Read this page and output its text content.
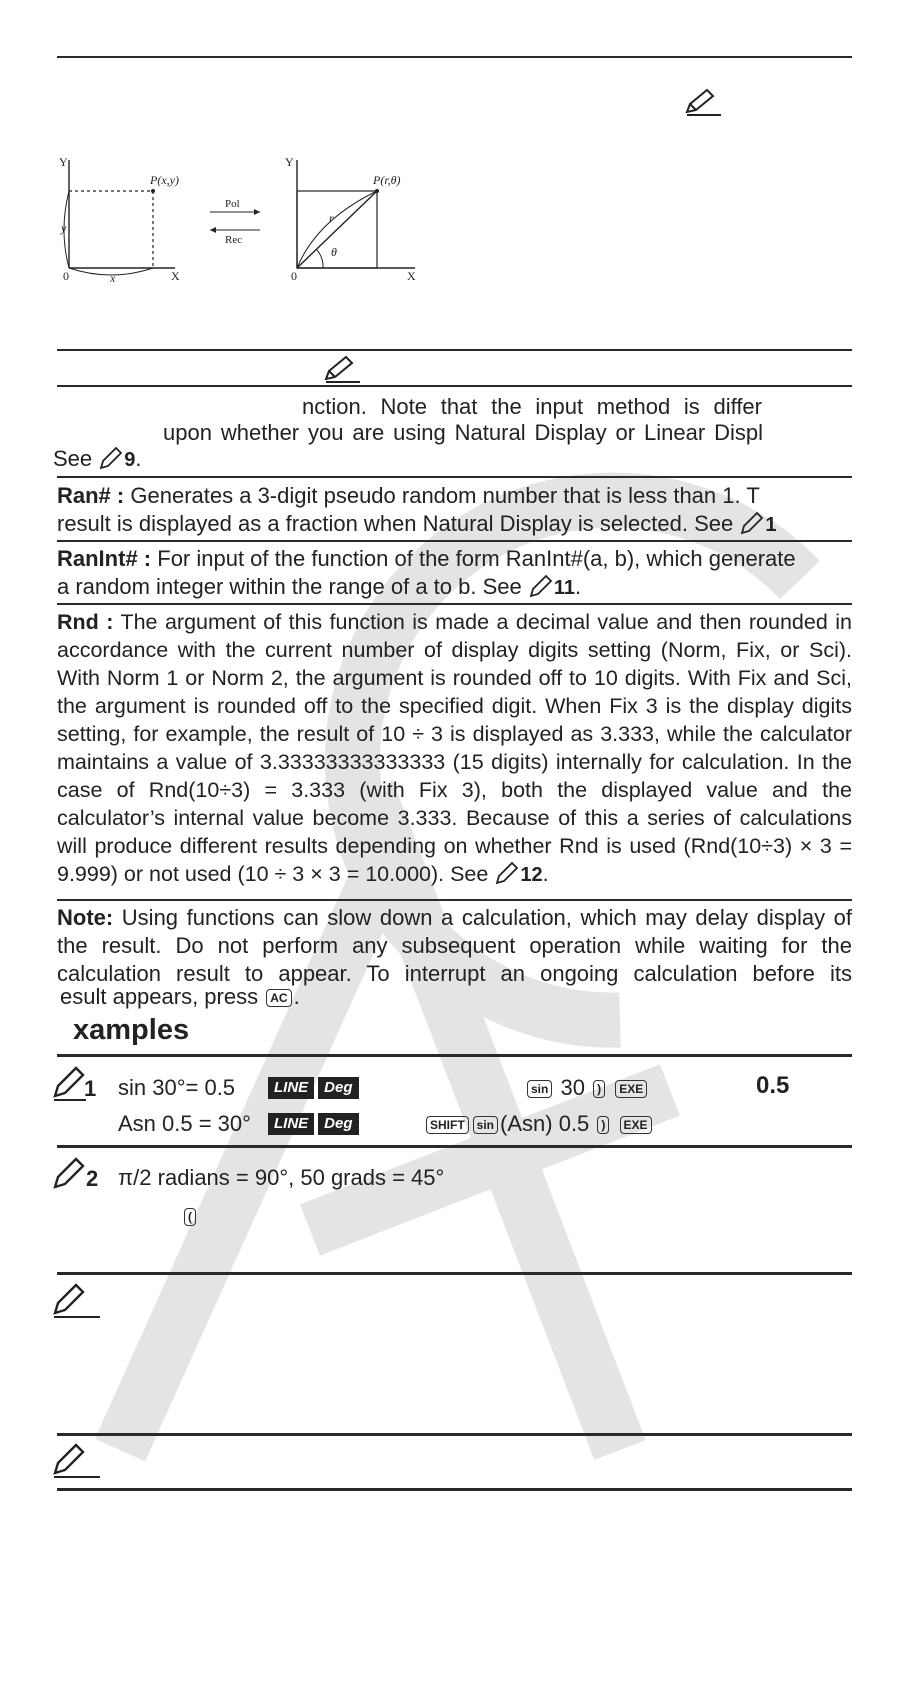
Y
X
0
P(x,y)
y
x
Pol
Rec
Y
X
0
P(r,θ)
r
θ
nction. Note that the input method is differ
upon whether you are using Natural Display or Linear Displ
See 9.
Ran# : Generates a 3-digit pseudo random number that is less than 1. T
result is displayed as a fraction when Natural Display is selected. See 1
RanInt# : For input of the function of the form RanInt#(a, b), which generate
a random integer within the range of a to b. See 11.
Rnd : The argument of this function is made a decimal value and then rounded in accordance with the current number of display digits setting (Norm, Fix, or Sci). With Norm 1 or Norm 2, the argument is rounded off to 10 digits. With Fix and Sci, the argument is rounded off to the specified digit. When Fix 3 is the display digits setting, for example, the result of 10 ÷ 3 is displayed as 3.333, while the calculator maintains a value of 3.33333333333333 (15 digits) internally for calculation. In the case of Rnd(10÷3) = 3.333 (with Fix 3), both the displayed value and the calculator’s internal value become 3.333. Because of this a series of calculations will produce different results depending on whether Rnd is used (Rnd(10÷3) × 3 = 9.999) or not used (10 ÷ 3 × 3 = 10.000). See 12.
Note: Using functions can slow down a calculation, which may delay display of the result. Do not perform any subsequent operation while waiting for the calculation result to appear. To interrupt an ongoing calculation before its
esult appears, press AC .
xamples
1 sin 30°= 0.5	LINE Deg	sin 30 ) EXE	0.5
Asn 0.5 = 30°	LINE Deg	SHIFT sin (Asn) 0.5 ) EXE
2 π/2 radians = 90°, 50 grads = 45°
(
